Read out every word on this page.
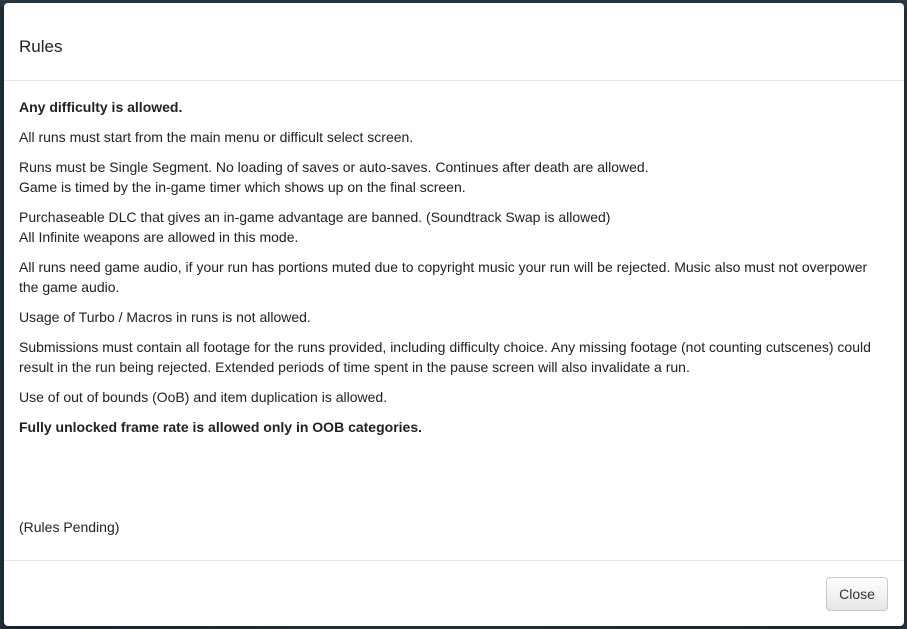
Rules

Any difficulty is allowed.

All runs must start from the main menu or difficult select screen.

Runs must be Single Segment. No loading of saves or auto-saves. Continues after death are allowed.
Game is timed by the in-game timer which shows up on the final screen.

Purchaseable DLC that gives an in-game advantage are banned. (Soundtrack Swap is allowed)
All Infinite weapons are allowed in this mode.

All runs need game audio, if your run has portions muted due to copyright music your run will be rejected. Music also must not overpower the game audio.

Usage of Turbo / Macros in runs is not allowed.

Submissions must contain all footage for the runs provided, including difficulty choice. Any missing footage (not counting cutscenes) could result in the run being rejected. Extended periods of time spent in the pause screen will also invalidate a run.

Use of out of bounds (OoB) and item duplication is allowed.

Fully unlocked frame rate is allowed only in OOB categories.

(Rules Pending)

Close
